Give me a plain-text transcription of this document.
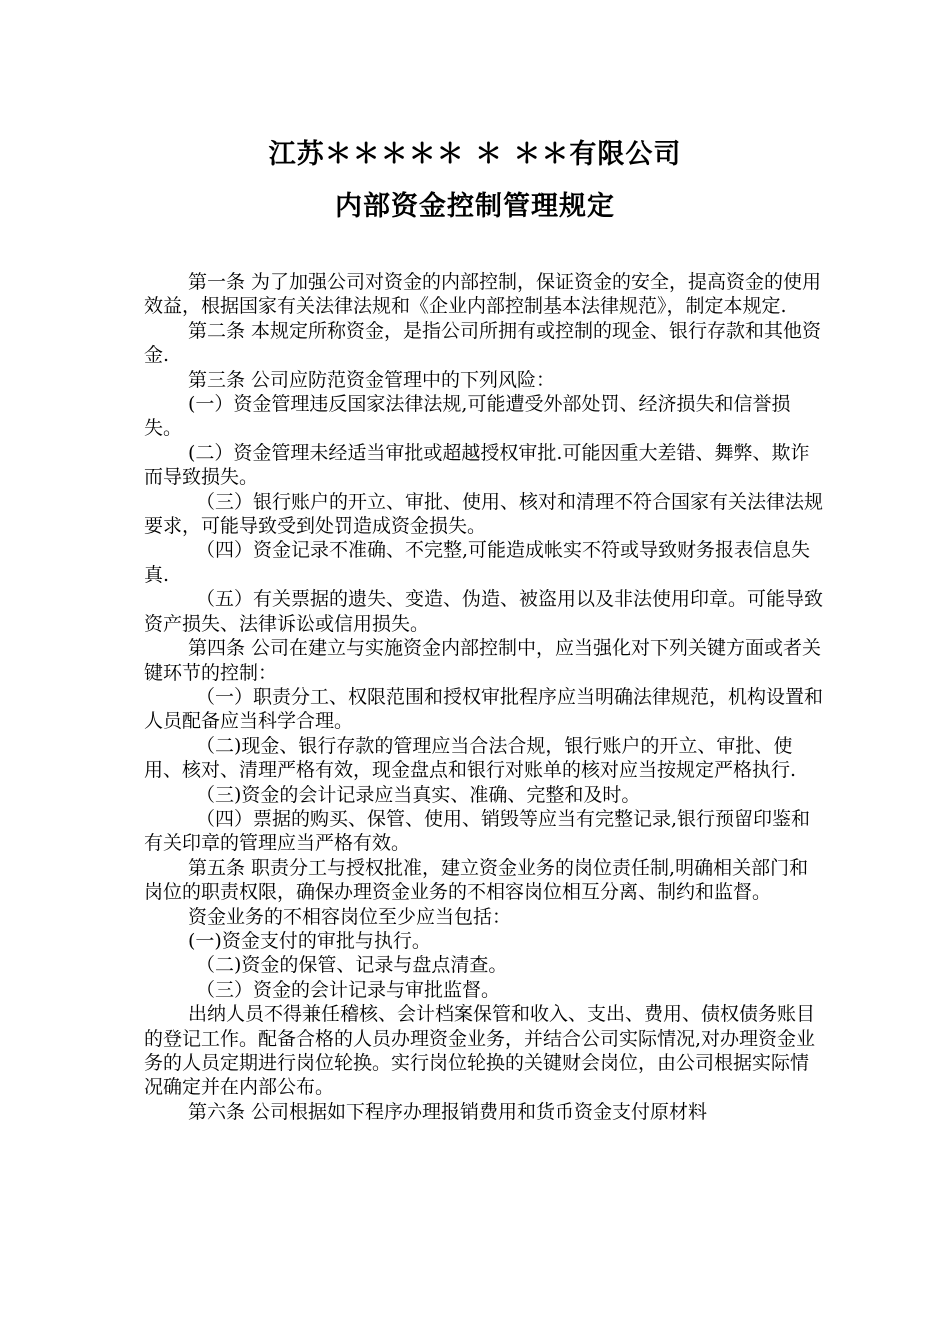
江苏＊＊＊＊＊ ＊ ＊＊有限公司
内部资金控制管理规定

第一条 为了加强公司对资金的内部控制，保证资金的安全，提高资金的使用效益，根据国家有关法律法规和《企业内部控制基本法律规范》，制定本规定.

第二条 本规定所称资金，是指公司所拥有或控制的现金、银行存款和其他资金.

第三条 公司应防范资金管理中的下列风险：

(一）资金管理违反国家法律法规,可能遭受外部处罚、经济损失和信誉损失。

(二）资金管理未经适当审批或超越授权审批.可能因重大差错、舞弊、欺诈而导致损失。

（三）银行账户的开立、审批、使用、核对和清理不符合国家有关法律法规要求，可能导致受到处罚造成资金损失。

（四）资金记录不准确、不完整,可能造成帐实不符或导致财务报表信息失真.

（五）有关票据的遗失、变造、伪造、被盗用以及非法使用印章。可能导致资产损失、法律诉讼或信用损失。

第四条 公司在建立与实施资金内部控制中，应当强化对下列关键方面或者关键环节的控制：

（一）职责分工、权限范围和授权审批程序应当明确法律规范，机构设置和人员配备应当科学合理。

（二)现金、银行存款的管理应当合法合规，银行账户的开立、审批、使用、核对、清理严格有效，现金盘点和银行对账单的核对应当按规定严格执行.

（三)资金的会计记录应当真实、准确、完整和及时。

（四）票据的购买、保管、使用、销毁等应当有完整记录,银行预留印鉴和有关印章的管理应当严格有效。

第五条 职责分工与授权批准，建立资金业务的岗位责任制,明确相关部门和岗位的职责权限，确保办理资金业务的不相容岗位相互分离、制约和监督。

资金业务的不相容岗位至少应当包括：

(一)资金支付的审批与执行。

（二)资金的保管、记录与盘点清查。

（三）资金的会计记录与审批监督。

出纳人员不得兼任稽核、会计档案保管和收入、支出、费用、债权债务账目的登记工作。配备合格的人员办理资金业务，并结合公司实际情况,对办理资金业务的人员定期进行岗位轮换。实行岗位轮换的关键财会岗位，由公司根据实际情况确定并在内部公布。

第六条 公司根据如下程序办理报销费用和货币资金支付原材料
